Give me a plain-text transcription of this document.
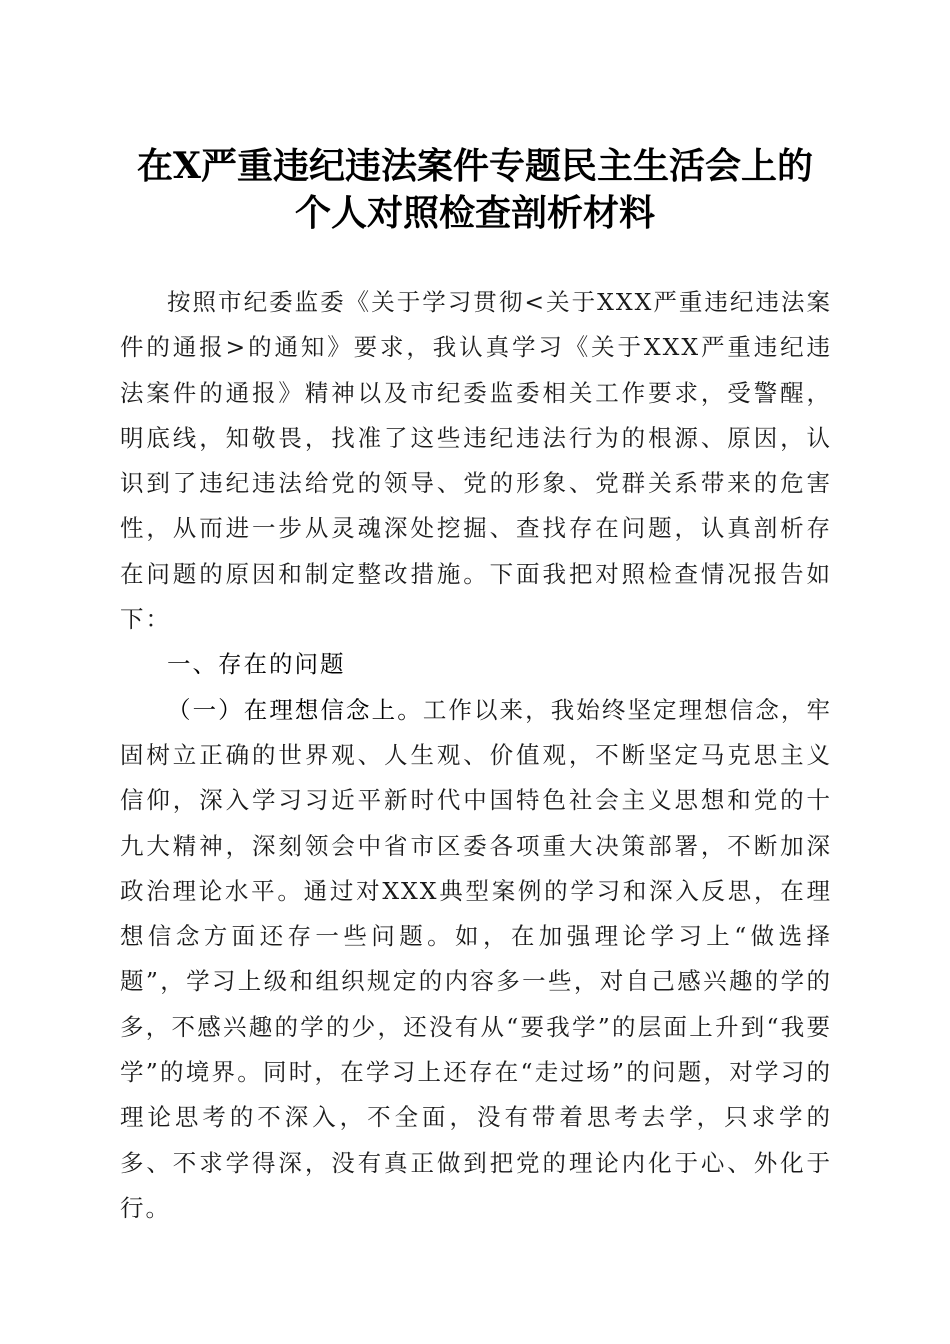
在X严重违纪违法案件专题民主生活会上的
个人对照检查剖析材料

按照市纪委监委《关于学习贯彻<关于XXX严重违纪违法案件的通报>的通知》要求，我认真学习《关于XXX严重违纪违法案件的通报》精神以及市纪委监委相关工作要求，受警醒，明底线，知敬畏，找准了这些违纪违法行为的根源、原因，认识到了违纪违法给党的领导、党的形象、党群关系带来的危害性，从而进一步从灵魂深处挖掘、查找存在问题，认真剖析存在问题的原因和制定整改措施。下面我把对照检查情况报告如下：

一、存在的问题

（一）在理想信念上。工作以来，我始终坚定理想信念，牢固树立正确的世界观、人生观、价值观，不断坚定马克思主义信仰，深入学习习近平新时代中国特色社会主义思想和党的十九大精神，深刻领会中省市区委各项重大决策部署，不断加深政治理论水平。通过对XXX典型案例的学习和深入反思，在理想信念方面还存一些问题。如，在加强理论学习上“做选择题”，学习上级和组织规定的内容多一些，对自己感兴趣的学的多，不感兴趣的学的少，还没有从“要我学”的层面上升到“我要学”的境界。同时，在学习上还存在“走过场”的问题，对学习的理论思考的不深入，不全面，没有带着思考去学，只求学的多、不求学得深，没有真正做到把党的理论内化于心、外化于行。
